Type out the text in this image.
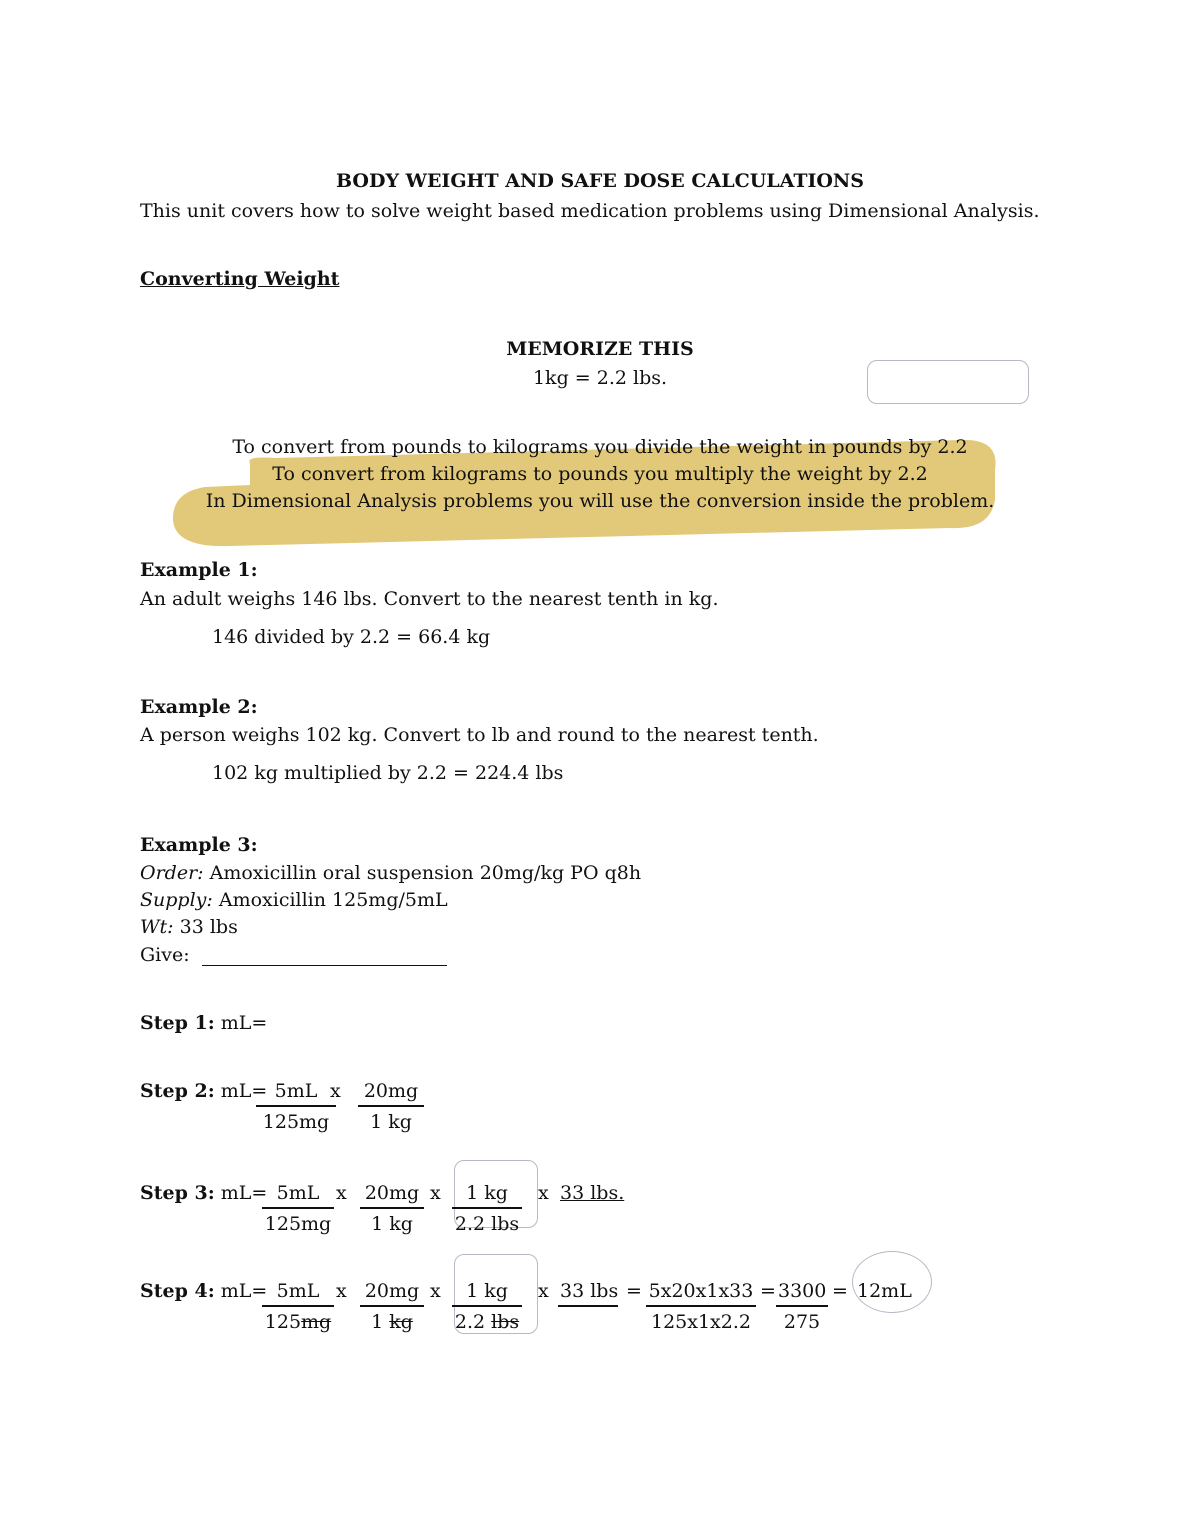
BODY WEIGHT AND SAFE DOSE CALCULATIONS
This unit covers how to solve weight based medication problems using Dimensional Analysis.
Converting Weight
MEMORIZE THIS
1kg = 2.2 lbs.
To convert from pounds to kilograms you divide the weight in pounds by 2.2
To convert from kilograms to pounds you multiply the weight by 2.2
In Dimensional Analysis problems you will use the conversion inside the problem.
Example 1:
An adult weighs 146 lbs. Convert to the nearest tenth in kg.
146 divided by 2.2 = 66.4 kg
Example 2:
A person weighs 102 kg. Convert to lb and round to the nearest tenth.
102 kg multiplied by 2.2 = 224.4 lbs
Example 3:
Order: Amoxicillin oral suspension 20mg/kg PO q8h
Supply: Amoxicillin 125mg/5mL
Wt: 33 lbs
Give:
Step 1: mL=
Step 2: mL=
$\frac{5mL}{125mg}$
x $\frac{20mg}{1 kg}$
Step 3: mL=
$\frac{5mL}{125mg}$ x $\frac{20mg}{1 kg}$ x	1 kg
2.2 lbs
x 33 lbs.
Step 4: mL=
$\frac{5mL}{125mg}$ x $\frac{20mg}{1 kg}$ x	1 kg
2.2 lbs
x 33 lbs
= $\frac{5x20x1x33}{125x1x2.2} = \frac{3300}{275} = 12mL$
